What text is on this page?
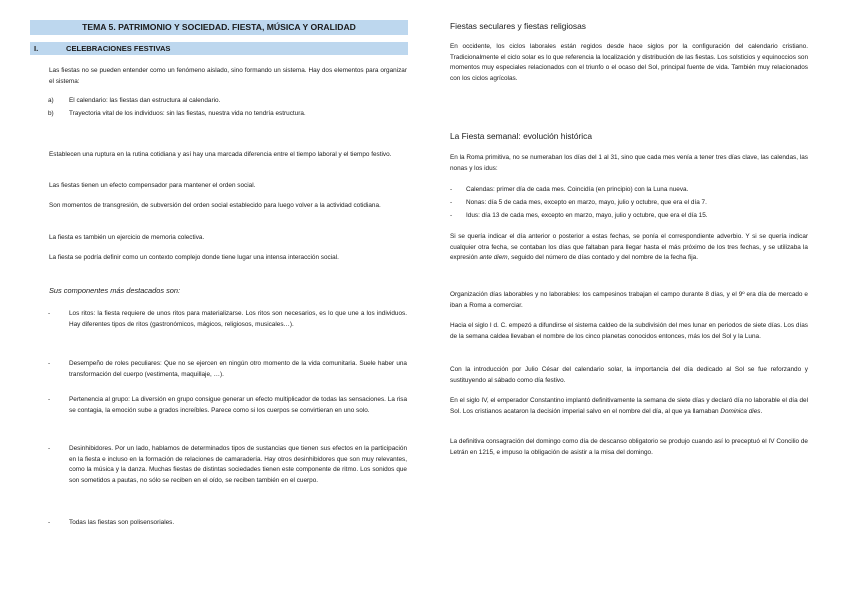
TEMA 5. PATRIMONIO Y SOCIEDAD. FIESTA, MÚSICA Y ORALIDAD
I.	CELEBRACIONES FESTIVAS
Las fiestas no se pueden entender como un fenómeno aislado, sino formando un sistema. Hay dos elementos para organizar el sistema:
a) El calendario: las fiestas dan estructura al calendario.
b) Trayectoria vital de los individuos: sin las fiestas, nuestra vida no tendría estructura.
Establecen una ruptura en la rutina cotidiana y así hay una marcada diferencia entre el tiempo laboral y el tiempo festivo.
Las fiestas tienen un efecto compensador para mantener el orden social.
Son momentos de transgresión, de subversión del orden social establecido para luego volver a la actividad cotidiana.
La fiesta es también un ejercicio de memoria colectiva.
La fiesta se podría definir como un contexto complejo donde tiene lugar una intensa interacción social.
Sus componentes más destacados son:
-	Los ritos: la fiesta requiere de unos ritos para materializarse. Los ritos son necesarios, es lo que une a los individuos. Hay diferentes tipos de ritos (gastronómicos, mágicos, religiosos, musicales…).
-	Desempeño de roles peculiares: Que no se ejercen en ningún otro momento de la vida comunitaria. Suele haber una transformación del cuerpo (vestimenta, maquillaje, …).
-	Pertenencia al grupo: La diversión en grupo consigue generar un efecto multiplicador de todas las sensaciones. La risa se contagia, la emoción sube a grados increíbles. Parece como si los cuerpos se convirtieran en uno solo.
-	Desinhibidores. Por un lado, hablamos de determinados tipos de sustancias que tienen sus efectos en la participación en la fiesta e incluso en la formación de relaciones de camaradería. Hay otros desinhibidores que son muy relevantes, como la música y la danza. Muchas fiestas de distintas sociedades tienen este componente de ritmo. Los sonidos que son sometidos a pautas, no sólo se reciben en el oído, se reciben también en el cuerpo.
-	Todas las fiestas son polisensoriales.
Fiestas seculares y fiestas religiosas
En occidente, los ciclos laborales están regidos desde hace siglos por la configuración del calendario cristiano. Tradicionalmente el ciclo solar es lo que referencia la localización y distribución de las fiestas. Los solsticios y equinoccios son momentos muy especiales relacionados con el triunfo o el ocaso del Sol, principal fuente de vida. También muy relacionados con los ciclos agrícolas.
La Fiesta semanal: evolución histórica
En la Roma primitiva, no se numeraban los días del 1 al 31, sino que cada mes venía a tener tres días clave, las calendas, las nonas y los idus:
- Calendas: primer día de cada mes. Coincidía (en principio) con la Luna nueva.
- Nonas: día 5 de cada mes, excepto en marzo, mayo, julio y octubre, que era el día 7.
- Idus: día 13 de cada mes, excepto en marzo, mayo, julio y octubre, que era el día 15.
Si se quería indicar el día anterior o posterior a estas fechas, se ponía el correspondiente adverbio. Y si se quería indicar cualquier otra fecha, se contaban los días que faltaban para llegar hasta el más próximo de los tres fechas, y se utilizaba la expresión ante diem, seguido del número de días contado y del nombre de la fecha fija.
Organización días laborables y no laborables: los campesinos trabajan el campo durante 8 días, y el 9º era día de mercado e iban a Roma a comerciar.
Hacia el siglo I d. C. empezó a difundirse el sistema caldeo de la subdivisión del mes lunar en periodos de siete días. Los días de la semana caldea llevaban el nombre de los cinco planetas conocidos entonces, más los del Sol y la Luna.
Con la introducción por Julio César del calendario solar, la importancia del día dedicado al Sol se fue reforzando y sustituyendo al sábado como día festivo.
En el siglo IV, el emperador Constantino implantó definitivamente la semana de siete días y declaró día no laborable el día del Sol. Los cristianos acataron la decisión imperial salvo en el nombre del día, al que ya llamaban Dominica dies.
La definitiva consagración del domingo como día de descanso obligatorio se produjo cuando así lo preceptuó el IV Concilio de Letrán en 1215, e impuso la obligación de asistir a la misa del domingo.
